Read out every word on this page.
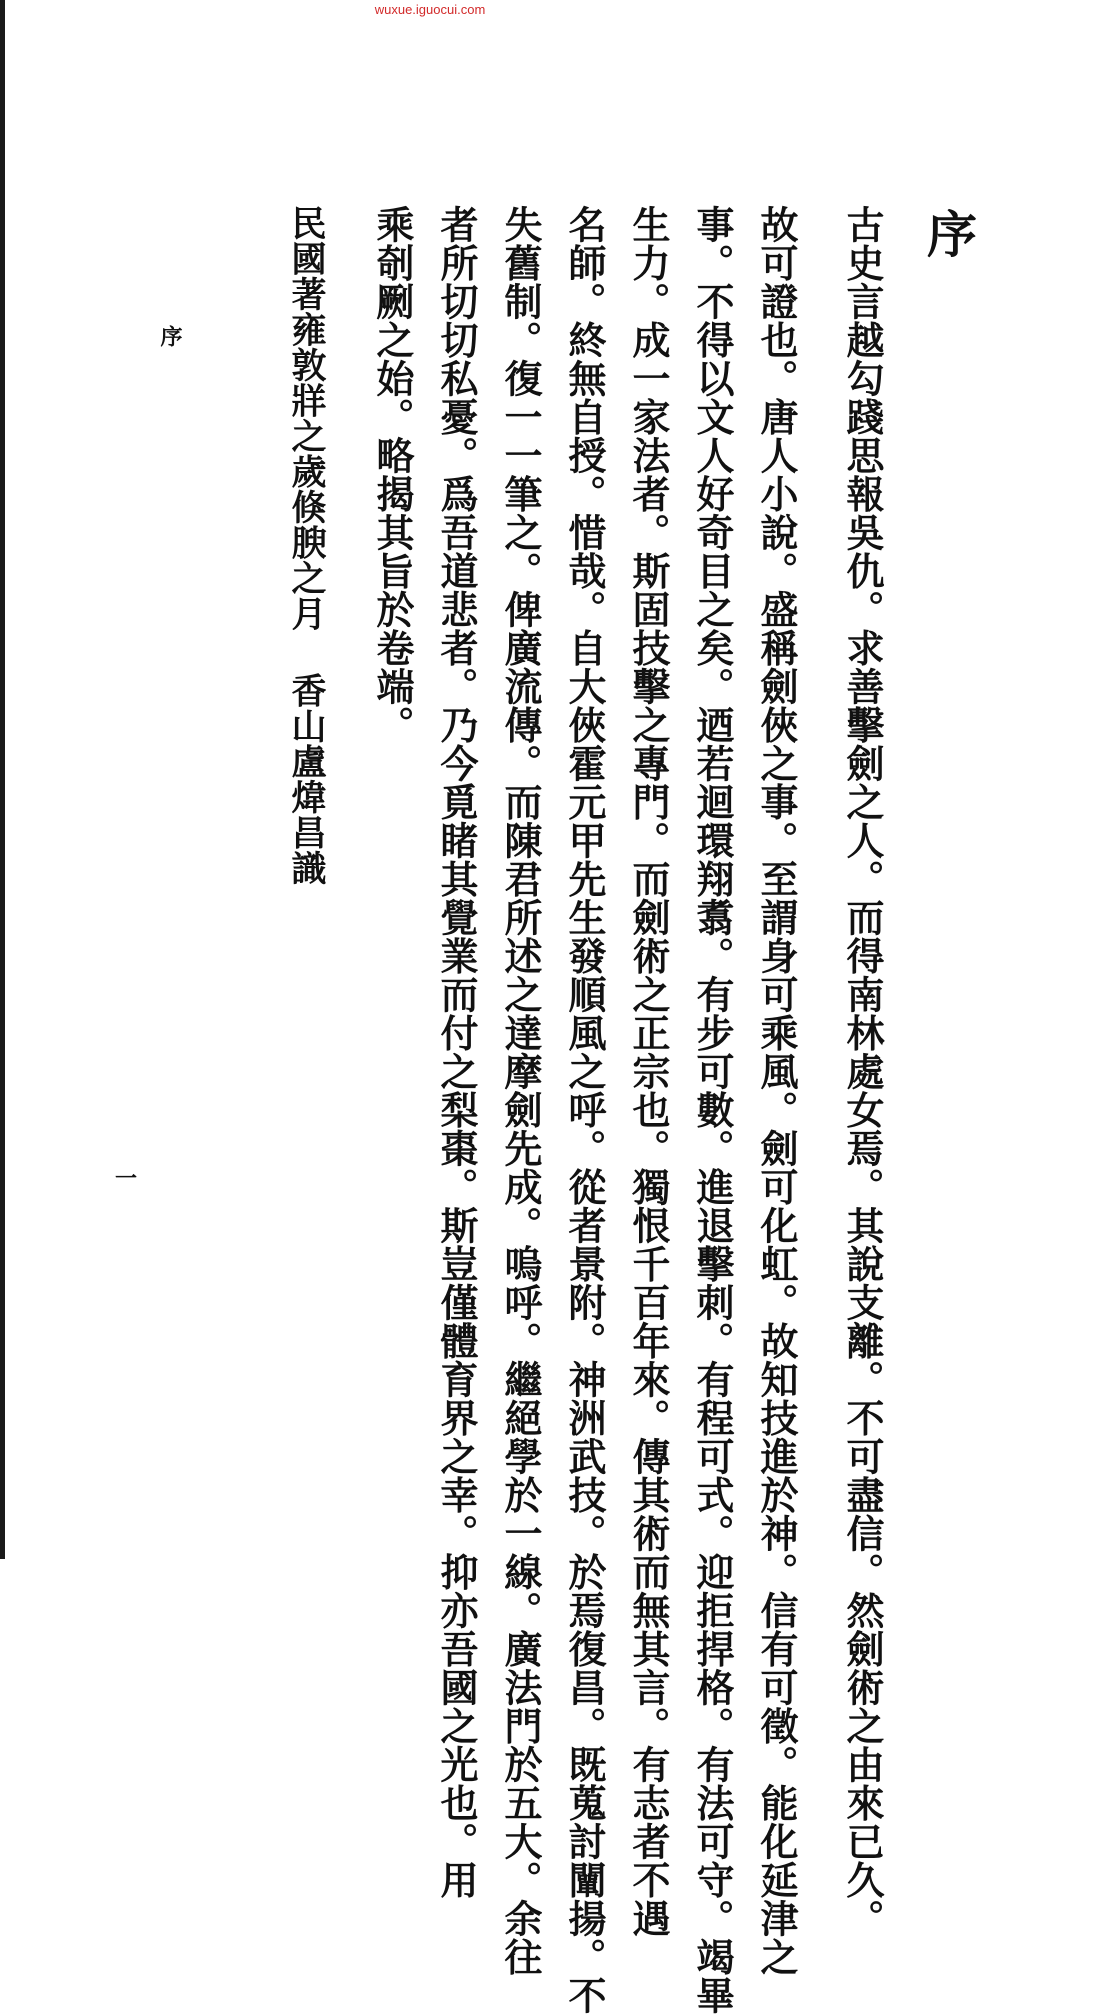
wuxue.iguocui.com
序
古史言越勾踐思報吳仇。求善擊劍之人。而得南林處女焉。其說支離。不可盡信。然劍術之由來已久。
故可證也。唐人小說。盛稱劍俠之事。至謂身可乘風。劍可化虹。故知技進於神。信有可徵。能化延津之
事。不得以文人好奇目之矣。迺若迴環翔翥。有步可數。進退擊刺。有程可式。迎拒捍格。有法可守。竭畢
生力。成一家法者。斯固技擊之專門。而劍術之正宗也。獨恨千百年來。傳其術而無其言。有志者不遇
名師。終無自授。惜哉。自大俠霍元甲先生發順風之呼。從者景附。神洲武技。於焉復昌。既蒐討闡揚。不
失舊制。復一一筆之。俾廣流傳。而陳君所述之達摩劍先成。嗚呼。繼絕學於一線。廣法門於五大。余往
者所切切私憂。爲吾道悲者。乃今覓睹其覺業而付之梨棗。斯豈僅體育界之幸。抑亦吾國之光也。用
乘剞劂之始。略揭其旨於卷端。
民國著雍敦牂之歲倏腴之月 香山盧煒昌識
序
一
